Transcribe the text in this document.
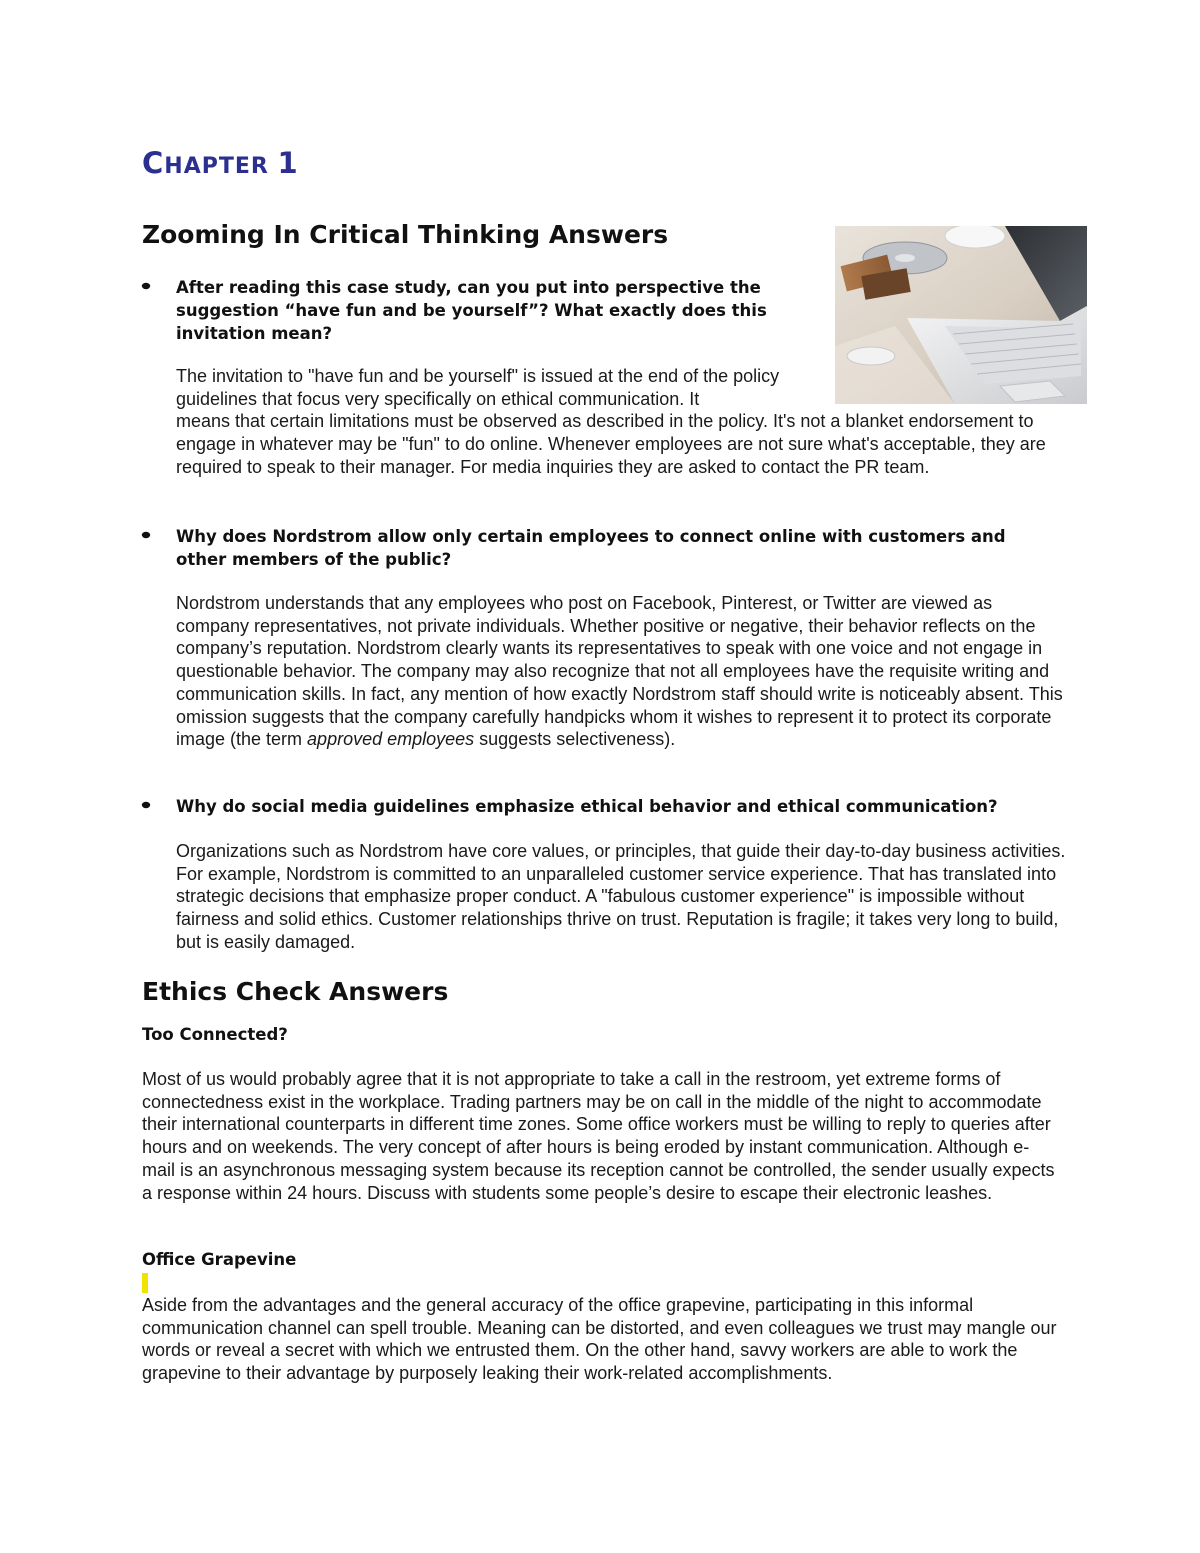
CHAPTER 1
Zooming In Critical Thinking Answers
After reading this case study, can you put into perspective the
suggestion “have fun and be yourself”? What exactly does this
invitation mean?
The invitation to "have fun and be yourself" is issued at the end of the policy guidelines that focus very specifically on ethical communication. It
means that certain limitations must be observed as described in the policy. It's not a blanket endorsement to engage in whatever may be "fun" to do online. Whenever employees are not sure what's acceptable, they are required to speak to their manager. For media inquiries they are asked to contact the PR team.
Why does Nordstrom allow only certain employees to connect online with customers and
other members of the public?

Nordstrom understands that any employees who post on Facebook, Pinterest, or Twitter are viewed as company representatives, not private individuals. Whether positive or negative, their behavior reflects on the company’s reputation. Nordstrom clearly wants its representatives to speak with one voice and not engage in questionable behavior. The company may also recognize that not all employees have the requisite writing and communication skills. In fact, any mention of how exactly Nordstrom staff should write is noticeably absent. This omission suggests that the company carefully handpicks whom it wishes to represent it to protect its corporate image (the term approved employees suggests selectiveness).

Why do social media guidelines emphasize ethical behavior and ethical communication?

Organizations such as Nordstrom have core values, or principles, that guide their day-to-day business activities. For example, Nordstrom is committed to an unparalleled customer service experience. That has translated into strategic decisions that emphasize proper conduct. A "fabulous customer experience" is impossible without fairness and solid ethics. Customer relationships thrive on trust. Reputation is fragile; it takes very long to build, but is easily damaged.

Ethics Check Answers
Too Connected?

Most of us would probably agree that it is not appropriate to take a call in the restroom, yet extreme forms of connectedness exist in the workplace. Trading partners may be on call in the middle of the night to accommodate their international counterparts in different time zones. Some office workers must be willing to reply to queries after hours and on weekends. The very concept of after hours is being eroded by instant communication. Although e-mail is an asynchronous messaging system because its reception cannot be controlled, the sender usually expects a response within 24 hours. Discuss with students some people’s desire to escape their electronic leashes.

Office Grapevine

Aside from the advantages and the general accuracy of the office grapevine, participating in this informal communication channel can spell trouble. Meaning can be distorted, and even colleagues we trust may mangle our words or reveal a secret with which we entrusted them. On the other hand, savvy workers are able to work the grapevine to their advantage by purposely leaking their work-related accomplishments.
